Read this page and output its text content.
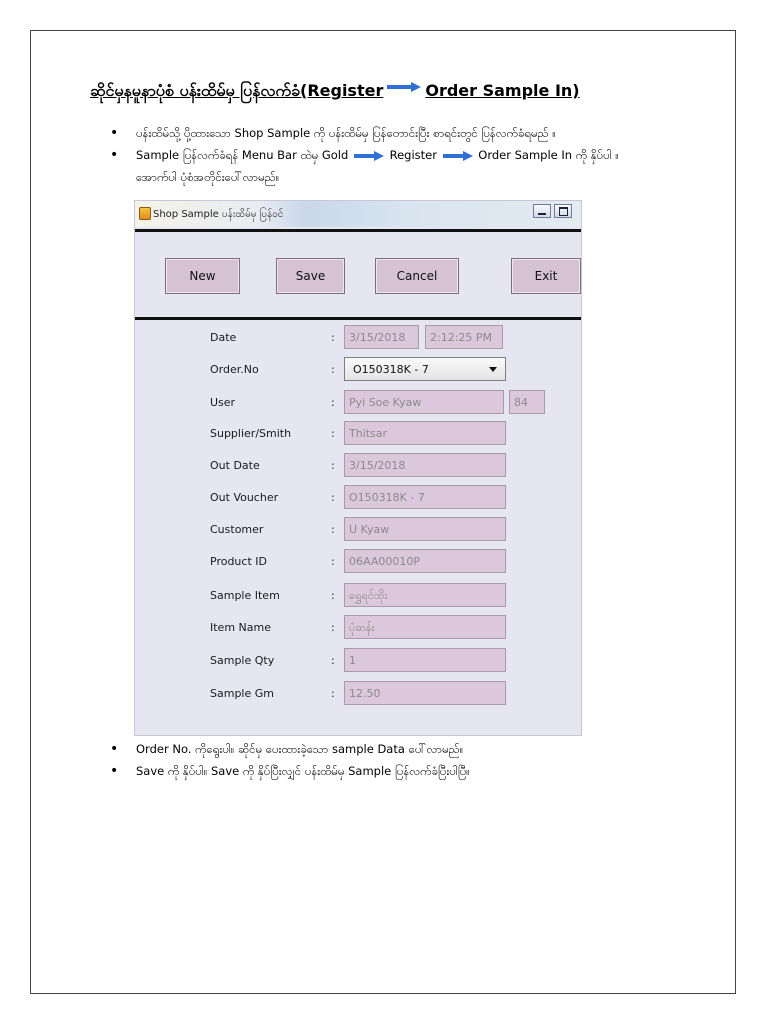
ဆိုင်မှနမူနာပုံစံ ပန်းထိမ်မှ ပြန်လက်ခံ(Register	Order Sample In)
• ပန်းထိမ်သို့ ပို့ထားသော Shop Sample ကို ပန်းထိမ်မှ ပြန်တောင်းပြီး စာရင်းတွင် ပြန်လက်ခံရမည် ။
• Sample ပြန်လက်ခံရန် Menu Bar ထဲမှ Gold	Register	Order Sample In ကို နှိပ်ပါ ။
အောက်ပါ ပုံစံအတိုင်းပေါ်လာမည်။
Shop Sample ပန်းထိမ်မှ ပြန်ဝင်
New	Save	Cancel	Exit
Date	:	3/15/2018	2:12:25 PM
Order.No	:	O150318K - 7
User	:	Pyi Soe Kyaw	84
Supplier/Smith	:	Thitsar
Out Date	:	3/15/2018
Out Voucher	:	O150318K - 7
Customer	:	U Kyaw
Product ID	:	06AA00010P
Sample Item	:	ရွှေရင်ထိုး
Item Name	:	ပုံဆန်း
Sample Qty	:	1
Sample Gm	:	12.50
• Order No. ကိုရွေးပါ။ ဆိုင်မှ ပေးထားခဲ့သော sample Data ပေါ်လာမည်။
• Save ကို နှိပ်ပါ။ Save ကို နှိပ်ပြီးလျှင် ပန်းထိမ်မှ Sample ပြန်လက်ခံပြီးပါပြီ။
